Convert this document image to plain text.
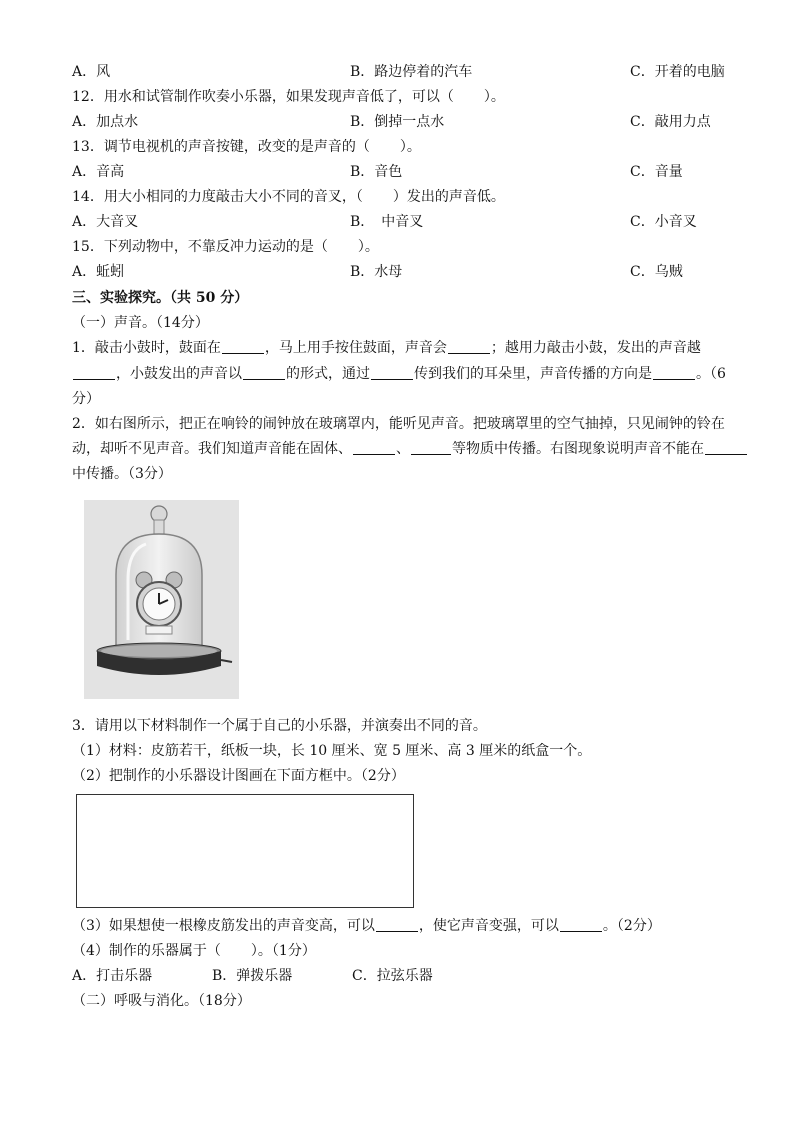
A．风	B．路边停着的汽车	C．开着的电脑
12．用水和试管制作吹奏小乐器，如果发现声音低了，可以（ ）。
A．加点水	B．倒掉一点水	C．敲用力点
13．调节电视机的声音按键，改变的是声音的（ ）。
A．音高	B．音色	C．音量
14．用大小相同的力度敲击大小不同的音叉，（ ）发出的声音低。
A．大音叉	B．　中音叉	C．小音叉
15．下列动物中，不靠反冲力运动的是（ ）。
A．蚯蚓	B．水母	C．乌贼
三、实验探究。（共 50 分）
（一）声音。（14分）
1．敲击小鼓时，鼓面在	，马上用手按住鼓面，声音会	；越用力敲击小鼓，发出的声音越
，小鼓发出的声音以	的形式，通过	传到我们的耳朵里，声音传播的方向是	。（6
分）
2．如右图所示，把正在响铃的闹钟放在玻璃罩内，能听见声音。把玻璃罩里的空气抽掉，只见闹钟的铃在
动，却听不见声音。我们知道声音能在固体、	、	等物质中传播。右图现象说明声音不能在
中传播。（3分）
3．请用以下材料制作一个属于自己的小乐器，并演奏出不同的音。
（1）材料：皮筋若干，纸板一块，长 10 厘米、宽 5 厘米、高 3 厘米的纸盒一个。
（2）把制作的小乐器设计图画在下面方框中。（2分）
（3）如果想使一根橡皮筋发出的声音变高，可以	，使它声音变强，可以	。（2分）
（4）制作的乐器属于（ ）。（1分）
A．打击乐器	B．弹拨乐器	C．拉弦乐器
（二）呼吸与消化。（18分）
